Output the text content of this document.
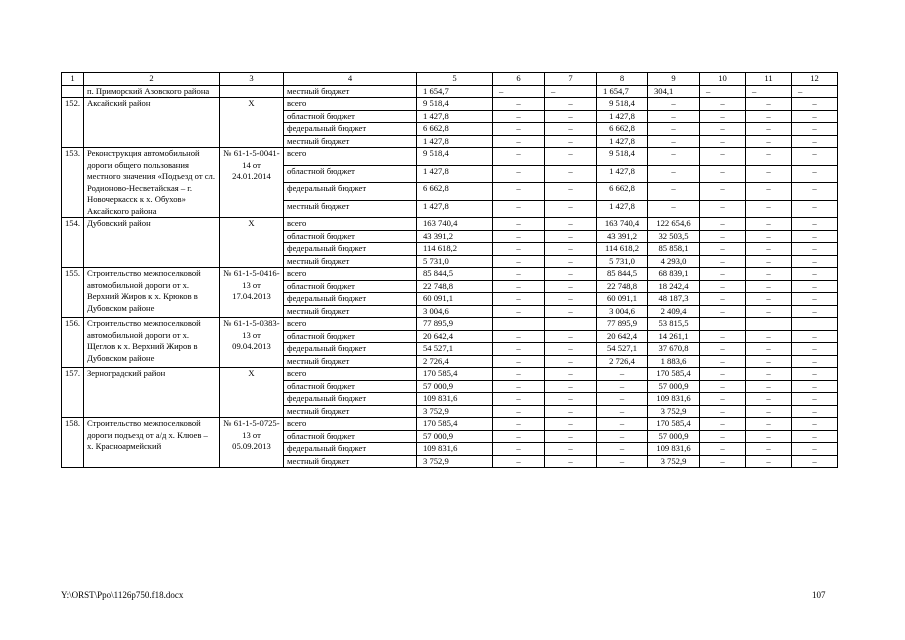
1	2	3	4	5	6	7	8	9	10	11	12
	п. Приморский Азовского района		местный бюджет	1 654,7	–	–	1 654,7	304,1	–	–	–
152.	Аксайский район	Х	всего	9 518,4	–	–	9 518,4	–	–	–	–
			областной бюджет	1 427,8	–	–	1 427,8	–	–	–	–
			федеральный бюджет	6 662,8	–	–	6 662,8	–	–	–	–
			местный бюджет	1 427,8	–	–	1 427,8	–	–	–	–
153.	Реконструкция автомобильной дороги общего пользования местного значения «Подъезд от сл. Родионово-Несветайская – г. Новочеркасск к х. Обухов» Аксайского района	№ 61-1-5-0041-14 от 24.01.2014	всего	9 518,4	–	–	9 518,4	–	–	–	–
			областной бюджет	1 427,8	–	–	1 427,8	–	–	–	–
			федеральный бюджет	6 662,8	–	–	6 662,8	–	–	–	–
			местный бюджет	1 427,8	–	–	1 427,8	–	–	–	–
154.	Дубовский район	Х	всего	163 740,4	–	–	163 740,4	122 654,6	–	–	–
			областной бюджет	43 391,2	–	–	43 391,2	32 503,5	–	–	–
			федеральный бюджет	114 618,2	–	–	114 618,2	85 858,1	–	–	–
			местный бюджет	5 731,0	–	–	5 731,0	4 293,0	–	–	–
155.	Строительство межпоселковой автомобильной дороги от х. Верхний Жиров к х. Крюков в Дубовском районе	№ 61-1-5-0416-13 от 17.04.2013	всего	85 844,5	–	–	85 844,5	68 839,1	–	–	–
			областной бюджет	22 748,8	–	–	22 748,8	18 242,4	–	–	–
			федеральный бюджет	60 091,1	–	–	60 091,1	48 187,3	–	–	–
			местный бюджет	3 004,6	–	–	3 004,6	2 409,4	–	–	–
156.	Строительство межпоселковой автомобильной дороги от х. Щеглов к х. Верхний Жиров в Дубовском районе	№ 61-1-5-0383-13 от 09.04.2013	всего	77 895,9			77 895,9	53 815,5			
			областной бюджет	20 642,4	–	–	20 642,4	14 261,1	–	–	–
			федеральный бюджет	54 527,1	–	–	54 527,1	37 670,8	–	–	–
			местный бюджет	2 726,4	–	–	2 726,4	1 883,6	–	–	–
157.	Зерноградский район	Х	всего	170 585,4	–	–	–	170 585,4	–	–	–
			областной бюджет	57 000,9	–	–	–	57 000,9	–	–	–
			федеральный бюджет	109 831,6	–	–	–	109 831,6	–	–	–
			местный бюджет	3 752,9	–	–	–	3 752,9	–	–	–
158.	Строительство межпоселковой дороги подъезд от а/д х. Клюев – х. Красноармейский	№ 61-1-5-0725-13 от 05.09.2013	всего	170 585,4	–	–	–	170 585,4	–	–	–
			областной бюджет	57 000,9	–	–	–	57 000,9	–	–	–
			федеральный бюджет	109 831,6	–	–	–	109 831,6	–	–	–
			местный бюджет	3 752,9	–	–	–	3 752,9	–	–	–
Y:\ORST\Ppo\1126p750.f18.docx	107
